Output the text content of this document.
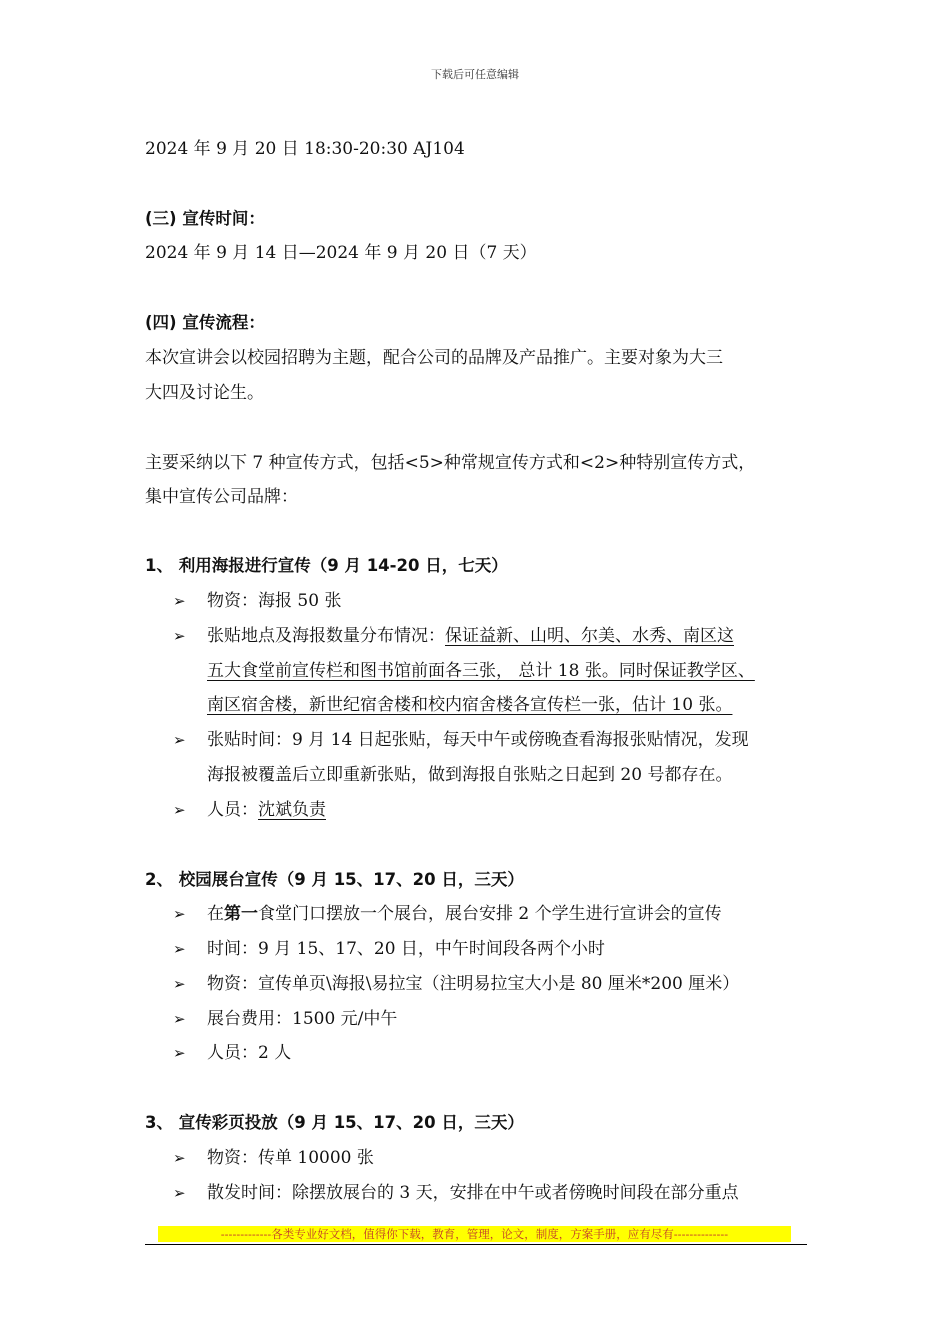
下载后可任意编辑
2024 年 9 月 20 日 18:30-20:30 AJ104
(三) 宣传时间：
2024 年 9 月 14 日—2024 年 9 月 20 日（7 天）
(四) 宣传流程：
本次宣讲会以校园招聘为主题，配合公司的品牌及产品推广。主要对象为大三
大四及讨论生。
主要采纳以下 7 种宣传方式，包括<5>种常规宣传方式和<2>种特别宣传方式，
集中宣传公司品牌：
1、 利用海报进行宣传（9 月 14-20 日，七天）
➢ 物资：海报 50 张
➢ 张贴地点及海报数量分布情况：保证益新、山明、尔美、水秀、南区这
五大食堂前宣传栏和图书馆前面各三张， 总计 18 张。同时保证教学区、
南区宿舍楼，新世纪宿舍楼和校内宿舍楼各宣传栏一张，估计 10 张。
➢ 张贴时间：9 月 14 日起张贴，每天中午或傍晚查看海报张贴情况，发现
海报被覆盖后立即重新张贴，做到海报自张贴之日起到 20 号都存在。
➢ 人员：沈斌负责
2、 校园展台宣传（9 月 15、17、20 日，三天）
➢ 在第一食堂门口摆放一个展台，展台安排 2 个学生进行宣讲会的宣传
➢ 时间：9 月 15、17、20 日，中午时间段各两个小时
➢ 物资：宣传单页\海报\易拉宝（注明易拉宝大小是 80 厘米*200 厘米）
➢ 展台费用：1500 元/中午
➢ 人员：2 人
3、 宣传彩页投放（9 月 15、17、20 日，三天）
➢ 物资：传单 10000 张
➢ 散发时间：除摆放展台的 3 天，安排在中午或者傍晚时间段在部分重点
-------------各类专业好文档，值得你下载，教育，管理，论文，制度，方案手册，应有尽有--------------
